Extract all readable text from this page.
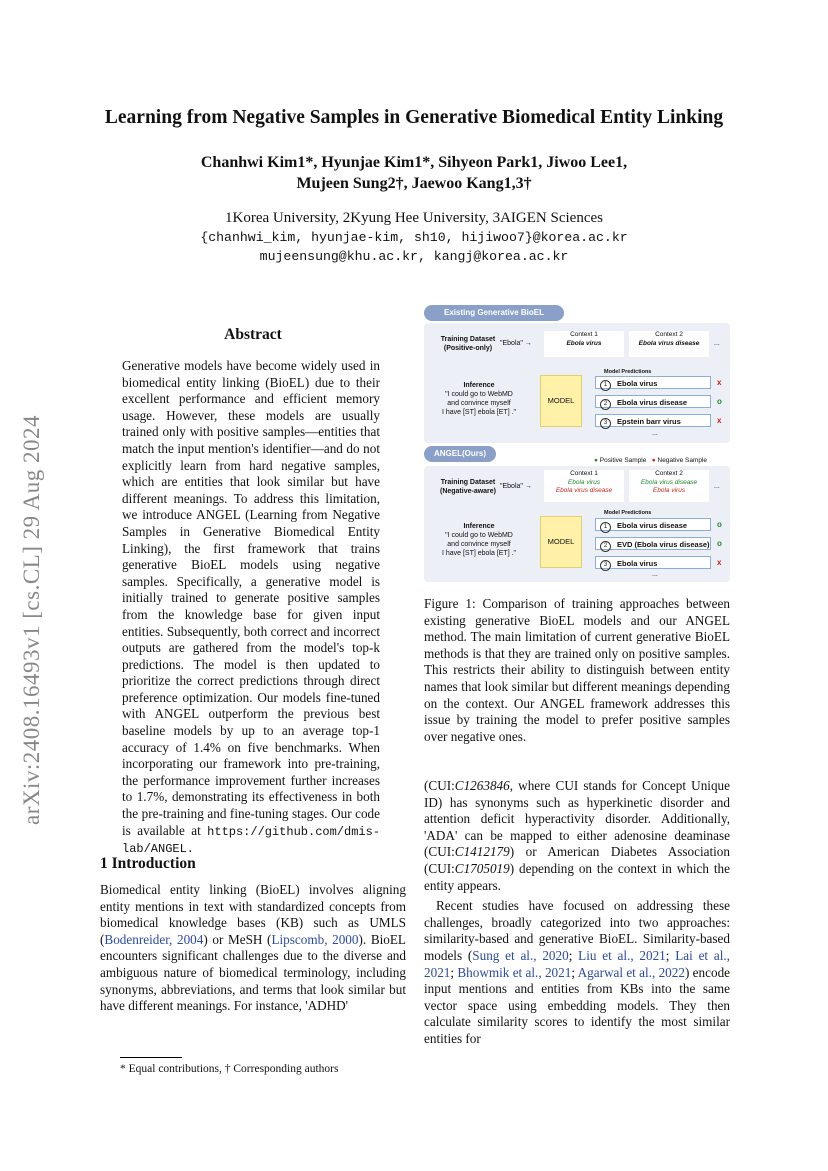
Learning from Negative Samples in Generative Biomedical Entity Linking
Chanhwi Kim1*, Hyunjae Kim1*, Sihyeon Park1, Jiwoo Lee1,
Mujeen Sung2†, Jaewoo Kang1,3†
1Korea University, 2Kyung Hee University, 3AIGEN Sciences
{chanhwi_kim, hyunjae-kim, sh10, hijiwoo7}@korea.ac.kr
mujeensung@khu.ac.kr, kangj@korea.ac.kr
arXiv:2408.16493v1 [cs.CL] 29 Aug 2024
Abstract

Generative models have become widely used in biomedical entity linking (BioEL) due to their excellent performance and efficient memory usage. However, these models are usually trained only with positive samples—entities that match the input mention's identifier—and do not explicitly learn from hard negative samples, which are entities that look similar but have different meanings. To address this limitation, we introduce ANGEL (Learning from Negative Samples in Generative Biomedical Entity Linking), the first framework that trains generative BioEL models using negative samples. Specifically, a generative model is initially trained to generate positive samples from the knowledge base for given input entities. Subsequently, both correct and incorrect outputs are gathered from the model's top-k predictions. The model is then updated to prioritize the correct predictions through direct preference optimization. Our models fine-tuned with ANGEL outperform the previous best baseline models by up to an average top-1 accuracy of 1.4% on five benchmarks. When incorporating our framework into pre-training, the performance improvement further increases to 1.7%, demonstrating its effectiveness in both the pre-training and fine-tuning stages. Our code is available at https://github.com/dmis-lab/ANGEL.

1 Introduction

Biomedical entity linking (BioEL) involves aligning entity mentions in text with standardized concepts from biomedical knowledge bases (KB) such as UMLS (Bodenreider, 2004) or MeSH (Lipscomb, 2000). BioEL encounters significant challenges due to the diverse and ambiguous nature of biomedical terminology, including synonyms, abbreviations, and terms that look similar but have different meanings. For instance, 'ADHD'

* Equal contributions, † Corresponding authors
Existing Generative BioEL
Training Dataset (Positive-only)
"Ebola" →
Context 1
Ebola virus
Context 2
Ebola virus disease	...
Inference
"I could go to WebMD
and convince myself
I have [ST] ebola [ET] ."
MODEL
Model Predictions
1 Ebola virus	x
2 Ebola virus disease	o
3 Epstein barr virus	x
...
ANGEL(Ours)
● Positive Sample ● Negative Sample
Training Dataset (Negative-aware)
"Ebola" →
Context 1
Ebola virus
Ebola virus disease
Context 2
Ebola virus disease
Ebola virus
...
Inference
"I could go to WebMD
and convince myself
I have [ST] ebola [ET] ."
MODEL
Model Predictions
1 Ebola virus disease	o
2 EVD (Ebola virus disease) o
3 Ebola virus	x
...
Figure 1: Comparison of training approaches between existing generative BioEL models and our ANGEL method. The main limitation of current generative BioEL methods is that they are trained only on positive samples. This restricts their ability to distinguish between entity names that look similar but different meanings depending on the context. Our ANGEL framework addresses this issue by training the model to prefer positive samples over negative ones.

(CUI:C1263846, where CUI stands for Concept Unique ID) has synonyms such as hyperkinetic disorder and attention deficit hyperactivity disorder. Additionally, 'ADA' can be mapped to either adenosine deaminase (CUI:C1412179) or American Diabetes Association (CUI:C1705019) depending on the context in which the entity appears.

Recent studies have focused on addressing these challenges, broadly categorized into two approaches: similarity-based and generative BioEL. Similarity-based models (Sung et al., 2020; Liu et al., 2021; Lai et al., 2021; Bhowmik et al., 2021; Agarwal et al., 2022) encode input mentions and entities from KBs into the same vector space using embedding models. They then calculate similarity scores to identify the most similar entities for
